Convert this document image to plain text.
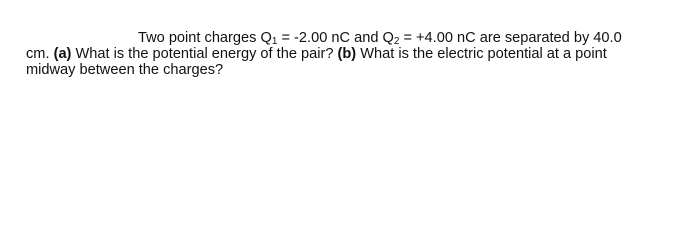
Two point charges $Q_1 = -2.00$ nC and $Q_2 = +4.00$ nC are separated by 40.0
cm. (a) What is the potential energy of the pair? (b) What is the electric potential at a point
midway between the charges?
